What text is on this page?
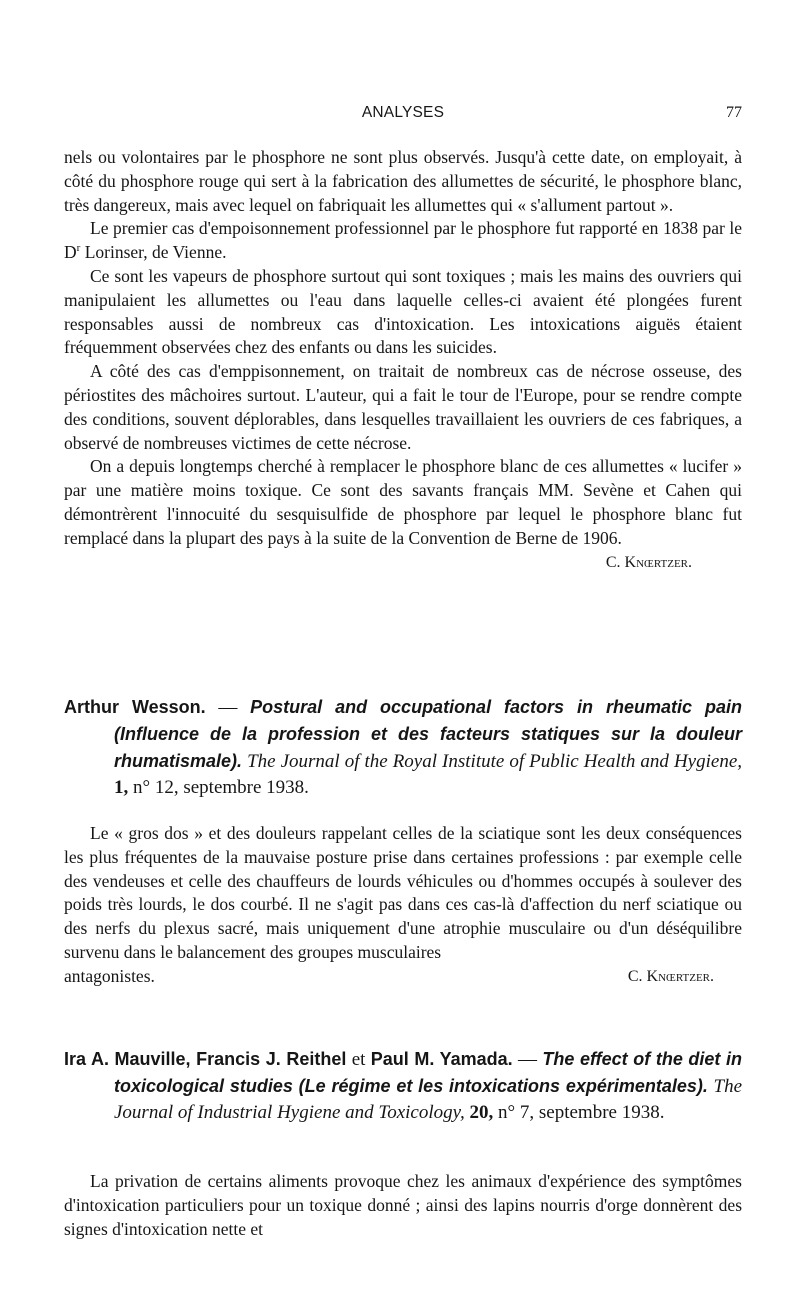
ANALYSES	77

nels ou volontaires par le phosphore ne sont plus observés. Jusqu'à cette date, on employait, à côté du phosphore rouge qui sert à la fabrication des allumettes de sécurité, le phosphore blanc, très dangereux, mais avec lequel on fabriquait les allumettes qui « s'allument partout ».

Le premier cas d'empoisonnement professionnel par le phosphore fut rapporté en 1838 par le $D^r$ Lorinser, de Vienne.

Ce sont les vapeurs de phosphore surtout qui sont toxiques ; mais les mains des ouvriers qui manipulaient les allumettes ou l'eau dans laquelle celles-ci avaient été plongées furent responsables aussi de nombreux cas d'intoxication. Les intoxications aiguës étaient fréquemment observées chez des enfants ou dans les suicides.

A côté des cas d'emppisonnement, on traitait de nombreux cas de nécrose osseuse, des périostites des mâchoires surtout. L'auteur, qui a fait le tour de l'Europe, pour se rendre compte des conditions, souvent déplorables, dans lesquelles travaillaient les ouvriers de ces fabriques, a observé de nombreuses victimes de cette nécrose.

On a depuis longtemps cherché à remplacer le phosphore blanc de ces allumettes « lucifer » par une matière moins toxique. Ce sont des savants français MM. Sevène et Cahen qui démontrèrent l'innocuité du sesquisulfide de phosphore par lequel le phosphore blanc fut remplacé dans la plupart des pays à la suite de la Convention de Berne de 1906.

C. Knœrtzer.

Arthur Wesson. — Postural and occupational factors in rheumatic pain (Influence de la profession et des facteurs statiques sur la douleur rhumatismale). The Journal of the Royal Institute of Public Health and Hygiene, 1, n° 12, septembre 1938.

Le « gros dos » et des douleurs rappelant celles de la sciatique sont les deux conséquences les plus fréquentes de la mauvaise posture prise dans certaines professions : par exemple celle des vendeuses et celle des chauffeurs de lourds véhicules ou d'hommes occupés à soulever des poids très lourds, le dos courbé. Il ne s'agit pas dans ces cas-là d'affection du nerf sciatique ou des nerfs du plexus sacré, mais uniquement d'une atrophie musculaire ou d'un déséquilibre survenu dans le balancement des groupes musculaires

antagonistes.	C. Knœrtzer.

Ira A. Mauville, Francis J. Reithel et Paul M. Yamada. — The effect of the diet in toxicological studies (Le régime et les intoxications expérimentales). The Journal of Industrial Hygiene and Toxicology, 20, n° 7, septembre 1938.

La privation de certains aliments provoque chez les animaux d'expérience des symptômes d'intoxication particuliers pour un toxique donné ; ainsi des lapins nourris d'orge donnèrent des signes d'intoxication nette et
